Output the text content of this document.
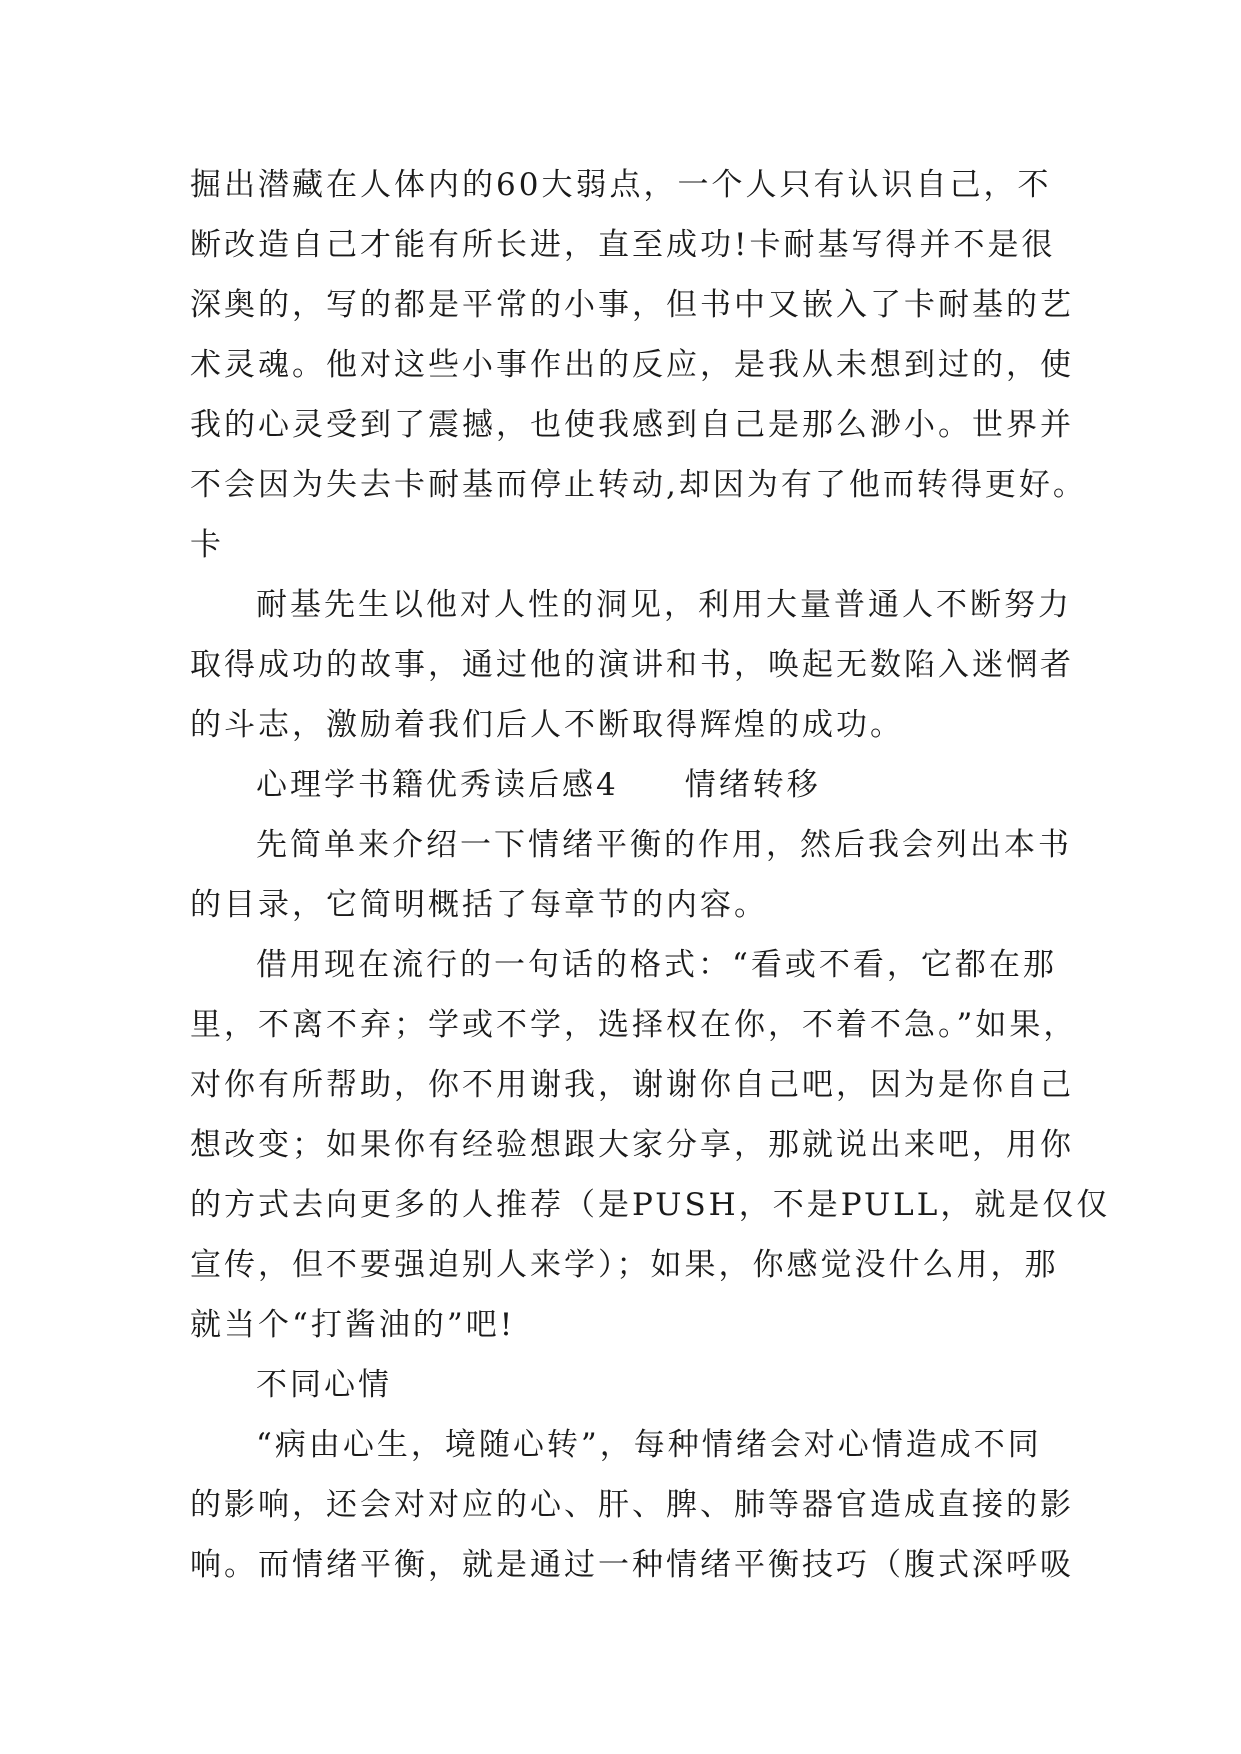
掘出潜藏在人体内的60大弱点，一个人只有认识自己，不
断改造自己才能有所长进，直至成功!卡耐基写得并不是很
深奥的，写的都是平常的小事，但书中又嵌入了卡耐基的艺
术灵魂。他对这些小事作出的反应，是我从未想到过的，使
我的心灵受到了震撼，也使我感到自己是那么渺小。世界并
不会因为失去卡耐基而停止转动,却因为有了他而转得更好。
卡
耐基先生以他对人性的洞见，利用大量普通人不断努力
取得成功的故事，通过他的演讲和书，唤起无数陷入迷惘者
的斗志，激励着我们后人不断取得辉煌的成功。
心理学书籍优秀读后感4 情绪转移
先简单来介绍一下情绪平衡的作用，然后我会列出本书
的目录，它简明概括了每章节的内容。
借用现在流行的一句话的格式：“看或不看，它都在那
里，不离不弃；学或不学，选择权在你，不着不急。”如果，
对你有所帮助，你不用谢我，谢谢你自己吧，因为是你自己
想改变；如果你有经验想跟大家分享，那就说出来吧，用你
的方式去向更多的人推荐（是PUSH，不是PULL，就是仅仅
宣传，但不要强迫别人来学）；如果，你感觉没什么用，那
就当个“打酱油的”吧!
不同心情
“病由心生，境随心转”，每种情绪会对心情造成不同
的影响，还会对对应的心、肝、脾、肺等器官造成直接的影
响。而情绪平衡，就是通过一种情绪平衡技巧（腹式深呼吸
